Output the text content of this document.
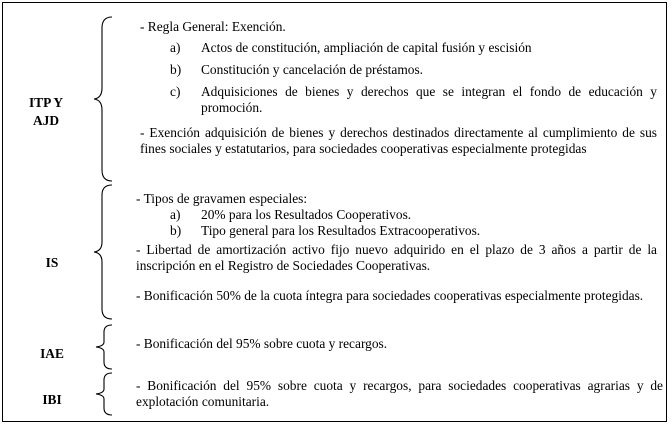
ITP Y
AJD
- Regla General: Exención.
a) Actos de constitución, ampliación de capital fusión y escisión
b) Constitución y cancelación de préstamos.
c) Adquisiciones de bienes y derechos que se integran el fondo de educación y promoción.
- Exención adquisición de bienes y derechos destinados directamente al cumplimiento de sus fines sociales y estatutarios, para sociedades cooperativas especialmente protegidas
IS
- Tipos de gravamen especiales:
a) 20% para los Resultados Cooperativos.
b) Tipo general para los Resultados Extracooperativos.
- Libertad de amortización activo fijo nuevo adquirido en el plazo de 3 años a partir de la inscripción en el Registro de Sociedades Cooperativas.
- Bonificación 50% de la cuota íntegra para sociedades cooperativas especialmente protegidas.
IAE
- Bonificación del 95% sobre cuota y recargos.
IBI
- Bonificación del 95% sobre cuota y recargos, para sociedades cooperativas agrarias y de explotación comunitaria.
